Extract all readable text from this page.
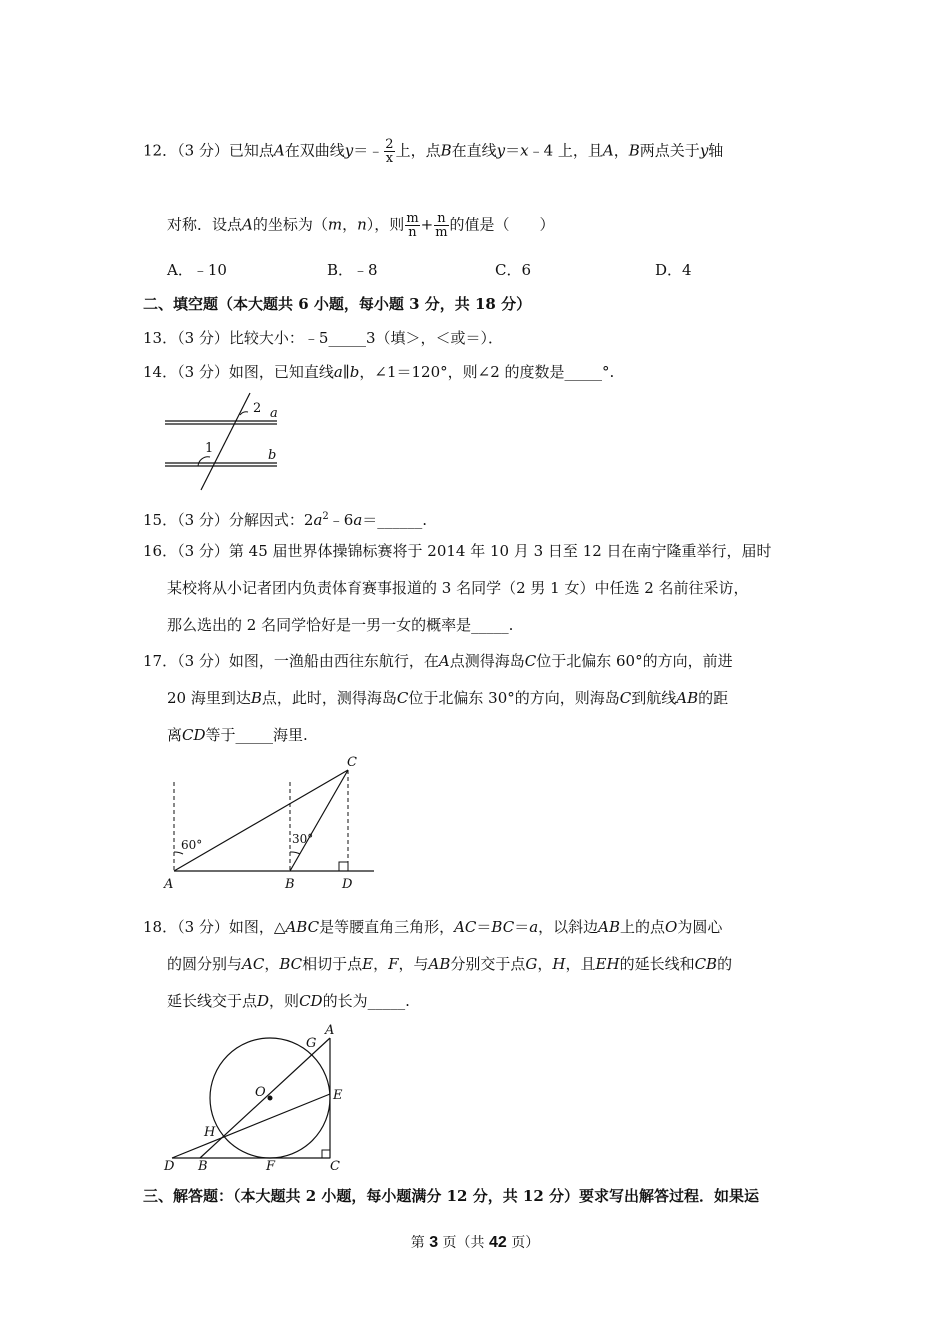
12．（3 分）已知点A在双曲线y＝﹣ $\frac{2}{x}$ 上，点B在直线y＝x﹣4 上，且A，B两点关于y轴
对称．设点A的坐标为（m，n），则 $\frac{m}{n} + \frac{n}{m}$ 的值是（　　）
A．﹣10	B．﹣8	C．6	D．4
二、填空题（本大题共 6 小题，每小题 3 分，共 18 分）
13．（3 分）比较大小：﹣5_____3（填＞，＜或＝）．
14．（3 分）如图，已知直线a∥b，∠1＝120°，则∠2 的度数是_____°.
1
2 a
b
15．（3 分）分解因式：$2a^2﹣6a=\_\_\_\_\_\_$.
16．（3 分）第 45 届世界体操锦标赛将于 2014 年 10 月 3 日至 12 日在南宁隆重举行，届时
某校将从小记者团内负责体育赛事报道的 3 名同学（2 男 1 女）中任选 2 名前往采访，
那么选出的 2 名同学恰好是一男一女的概率是_____.
17．（3 分）如图，一渔船由西往东航行，在A点测得海岛C位于北偏东 60°的方向，前进
20 海里到达B点，此时，测得海岛C位于北偏东 30°的方向，则海岛C到航线AB的距
离CD等于_____海里.
60°	30°
A	B	D
C
18．（3 分）如图，△ABC是等腰直角三角形，AC＝BC＝a，以斜边AB上的点O为圆心
的圆分别与AC，BC相切于点E，F，与AB分别交于点G，H，且EH的延长线和CB的
延长线交于点D，则CD的长为_____.
A
G
O	E
H
D B	F	C
三、解答题：（本大题共 2 小题，每小题满分 12 分，共 12 分）要求写出解答过程．如果运
第 3 页（共 42 页）
